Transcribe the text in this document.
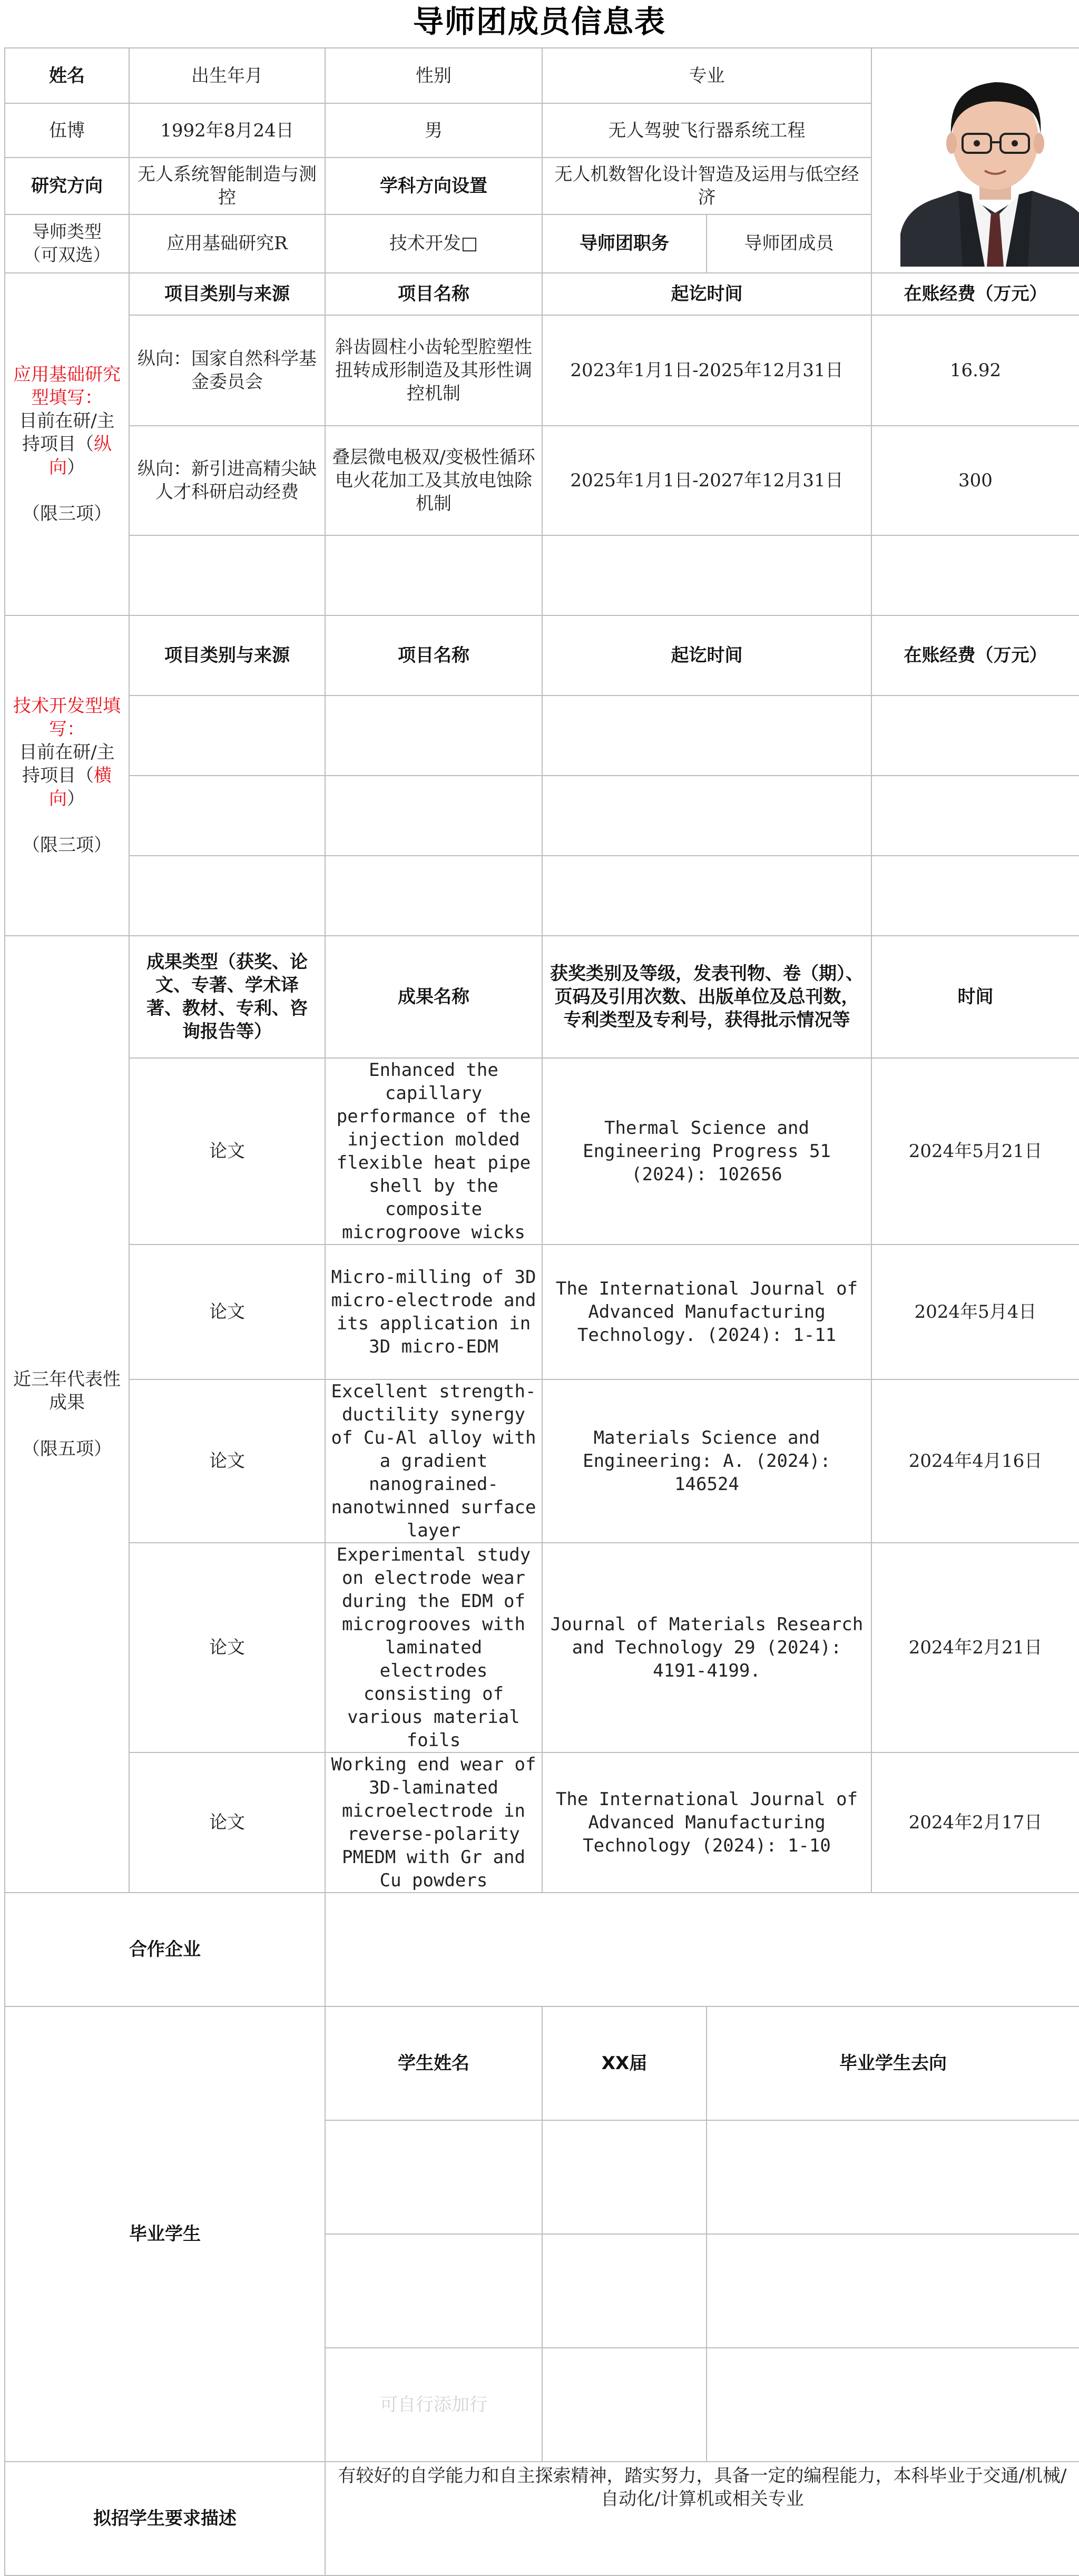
导师团成员信息表
姓名	出生年月	性别	专业	
伍博	1992年8月24日	男	无人驾驶飞行器系统工程		
研究方向	无人系统智能制造与测控	学科方向设置	无人机数智化设计智造及运用与低空经济		
导师类型（可双选）	应用基础研究R	技术开发□	导师团职务	导师团成员	
应用基础研究型填写：
目前在研/主持项目（纵向）

（限三项）	项目类别与来源	项目名称	起讫时间		在账经费（万元）
	纵向：国家自然科学基金委员会	斜齿圆柱小齿轮型腔塑性扭转成形制造及其形性调控机制	2023年1月1日-2025年12月31日		16.92
	纵向：新引进高精尖缺人才科研启动经费	叠层微电极双/变极性循环电火花加工及其放电蚀除机制	2025年1月1日-2027年12月31日		300

技术开发型填写：
目前在研/主持项目（横向）

（限三项）	项目类别与来源	项目名称	起讫时间		在账经费（万元）

近三年代表性成果

（限五项）	成果类型（获奖、论文、专著、学术译著、教材、专利、咨询报告等）	成果名称	获奖类别及等级，发表刊物、卷（期）、页码及引用次数、出版单位及总刊数，专利类型及专利号，获得批示情况等		时间
	论文	Enhanced the capillary performance of the injection molded flexible heat pipe shell by the composite microgroove wicks	Thermal Science and Engineering Progress 51 (2024): 102656		2024年5月21日
	论文	Micro-milling of 3D micro-electrode and its application in 3D micro-EDM	The International Journal of Advanced Manufacturing Technology. (2024): 1-11		2024年5月4日
	论文	Excellent strength-ductility synergy of Cu-Al alloy with a gradient nanograined-nanotwinned surface layer	Materials Science and Engineering: A. (2024): 146524		2024年4月16日
	论文	Experimental study on electrode wear during the EDM of microgrooves with laminated electrodes consisting of various material foils	Journal of Materials Research and Technology 29 (2024): 4191-4199.		2024年2月21日
	论文	Working end wear of 3D-laminated microelectrode in reverse-polarity PMEDM with Gr and Cu powders	The International Journal of Advanced Manufacturing Technology (2024): 1-10		2024年2月17日
合作企业					
毕业学生		学生姓名	XX届	毕业学生去向	

		可自行添加行			
拟招学生要求描述		有较好的自学能力和自主探索精神，踏实努力，具备一定的编程能力，本科毕业于交通/机械/自动化/计算机或相关专业			
